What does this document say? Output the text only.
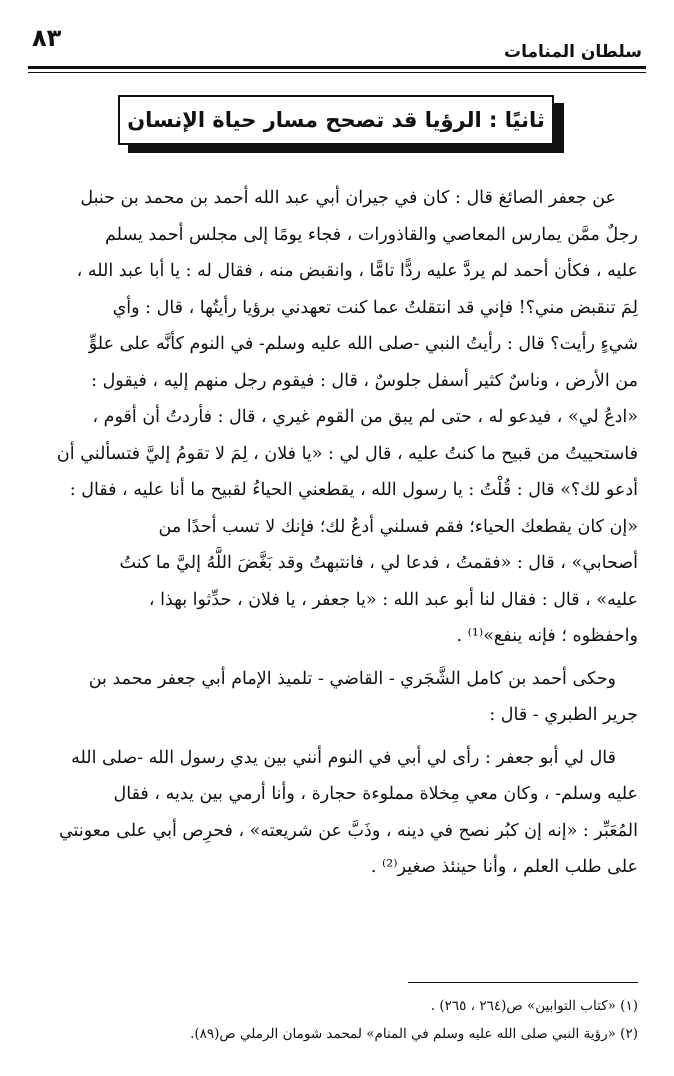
٨٣	سلطان المنامات
ثانيًا : الرؤيا قد تصحح مسار حياة الإنسان
عن جعفر الصائغ قال : كان في جيران أبي عبد الله أحمد بن محمد بن حنبل
رجلٌ ممَّن يمارس المعاصي والقاذورات ، فجاء يومًا إلى مجلس أحمد يسلم
عليه ، فكأن أحمد لم يردَّ عليه ردًّا تامًّا ، وانقبض منه ، فقال له : يا أبا عبد الله ،
لِمَ تنقبض مني؟! فإني قد انتقلتُ عما كنت تعهدني برؤيا رأيتُها ، قال : وأي
شيءٍ رأيت؟ قال : رأيتُ النبي -صلى الله عليه وسلم- في النوم كأنَّه على علوٍّ
من الأرض ، وناسٌ كثير أسفل جلوسٌ ، قال : فيقوم رجل منهم إليه ، فيقول :
«ادعُ لي» ، فيدعو له ، حتى لم يبق من القوم غيري ، قال : فأردتُ أن أقوم ،
فاستحييتُ من قبيح ما كنتُ عليه ، قال لي : «يا فلان ، لِمَ لا تقومُ إليَّ فتسألني أن
أدعو لك؟» قال : قُلْتُ : يا رسول الله ، يقطعني الحياءُ لقبيح ما أنا عليه ، فقال :
«إن كان يقطعك الحياء؛ فقم فسلني أدعُ لك؛ فإنك لا تسب أحدًا من
أصحابي» ، قال : «فقمتُ ، فدعا لي ، فانتبهتُ وقد بَغَّضَ اللَّهُ إليَّ ما كنتُ
عليه» ، قال : فقال لنا أبو عبد الله : «يا جعفر ، يا فلان ، حدِّثوا بهذا ،
واحفظوه ؛ فإنه ينفع»⁽¹⁾ .
وحكى أحمد بن كامل الشَّجَري - القاضي - تلميذ الإمام أبي جعفر محمد بن
جرير الطبري - قال :
قال لي أبو جعفر : رأى لي أبي في النوم أنني بين يدي رسول الله -صلى الله
عليه وسلم- ، وكان معي مِخلاة مملوءة حجارة ، وأنا أرمي بين يديه ، فقال
المُعَبِّر : «إنه إن كبُر نصح في دينه ، وذَبَّ عن شريعته» ، فحرِص أبي على معونتي
على طلب العلم ، وأنا حينئذ صغير⁽²⁾ .
(١) «كتاب التوابين» ص(٢٦٤ ، ٢٦٥) .
(٢) «رؤية النبي صلى الله عليه وسلم في المنام» لمحمد شومان الرملي ص(٨٩).
